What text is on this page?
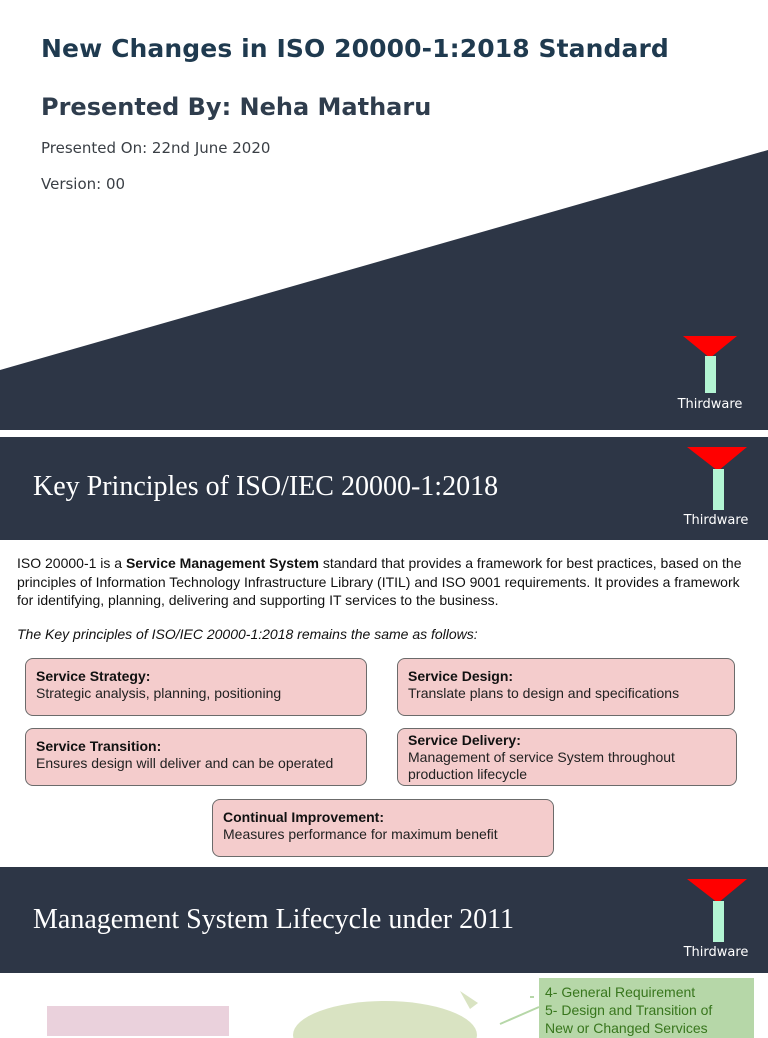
New Changes in ISO 20000-1:2018 Standard
Presented By: Neha Matharu
Presented On: 22nd June 2020
Version: 00
Thirdware
Key Principles of ISO/IEC 20000-1:2018
Thirdware
ISO 20000-1 is a Service Management System standard that provides a framework for best practices, based on the principles of Information Technology Infrastructure Library (ITIL) and ISO 9001 requirements. It provides a framework for identifying, planning, delivering and supporting IT services to the business.
The Key principles of ISO/IEC 20000-1:2018 remains the same as follows:
Service Strategy:
Strategic analysis, planning, positioning
Service Design:
Translate plans to design and specifications
Service Transition:
Ensures design will deliver and can be operated
Service Delivery:
Management of service System throughout production lifecycle
Continual Improvement:
Measures performance for maximum benefit
Management System Lifecycle under 2011
Thirdware
4- General Requirement
5- Design and Transition of
New or Changed Services
